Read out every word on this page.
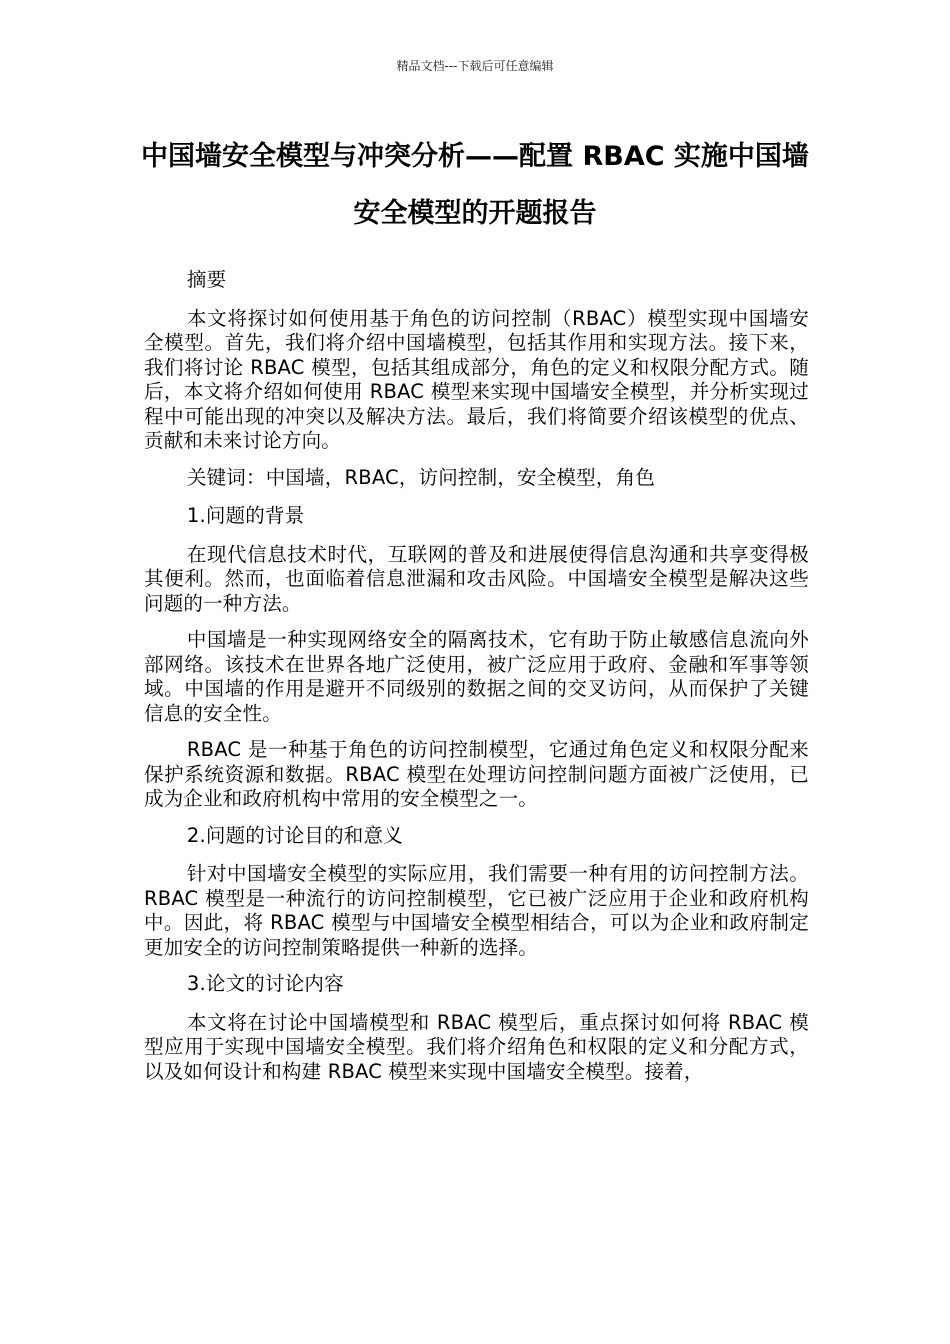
精品文档---下载后可任意编辑
中国墙安全模型与冲突分析——配置 RBAC 实施中国墙安全模型的开题报告

摘要

本文将探讨如何使用基于角色的访问控制（RBAC）模型实现中国墙安全模型。首先，我们将介绍中国墙模型，包括其作用和实现方法。接下来，我们将讨论 RBAC 模型，包括其组成部分，角色的定义和权限分配方式。随后，本文将介绍如何使用 RBAC 模型来实现中国墙安全模型，并分析实现过程中可能出现的冲突以及解决方法。最后，我们将简要介绍该模型的优点、贡献和未来讨论方向。

关键词：中国墙，RBAC，访问控制，安全模型，角色

1.问题的背景

在现代信息技术时代，互联网的普及和进展使得信息沟通和共享变得极其便利。然而，也面临着信息泄漏和攻击风险。中国墙安全模型是解决这些问题的一种方法。

中国墙是一种实现网络安全的隔离技术，它有助于防止敏感信息流向外部网络。该技术在世界各地广泛使用，被广泛应用于政府、金融和军事等领域。中国墙的作用是避开不同级别的数据之间的交叉访问，从而保护了关键信息的安全性。

RBAC 是一种基于角色的访问控制模型，它通过角色定义和权限分配来保护系统资源和数据。RBAC 模型在处理访问控制问题方面被广泛使用，已成为企业和政府机构中常用的安全模型之一。

2.问题的讨论目的和意义

针对中国墙安全模型的实际应用，我们需要一种有用的访问控制方法。RBAC 模型是一种流行的访问控制模型，它已被广泛应用于企业和政府机构中。因此，将 RBAC 模型与中国墙安全模型相结合，可以为企业和政府制定更加安全的访问控制策略提供一种新的选择。

3.论文的讨论内容

本文将在讨论中国墙模型和 RBAC 模型后，重点探讨如何将 RBAC 模型应用于实现中国墙安全模型。我们将介绍角色和权限的定义和分配方式，以及如何设计和构建 RBAC 模型来实现中国墙安全模型。接着，
